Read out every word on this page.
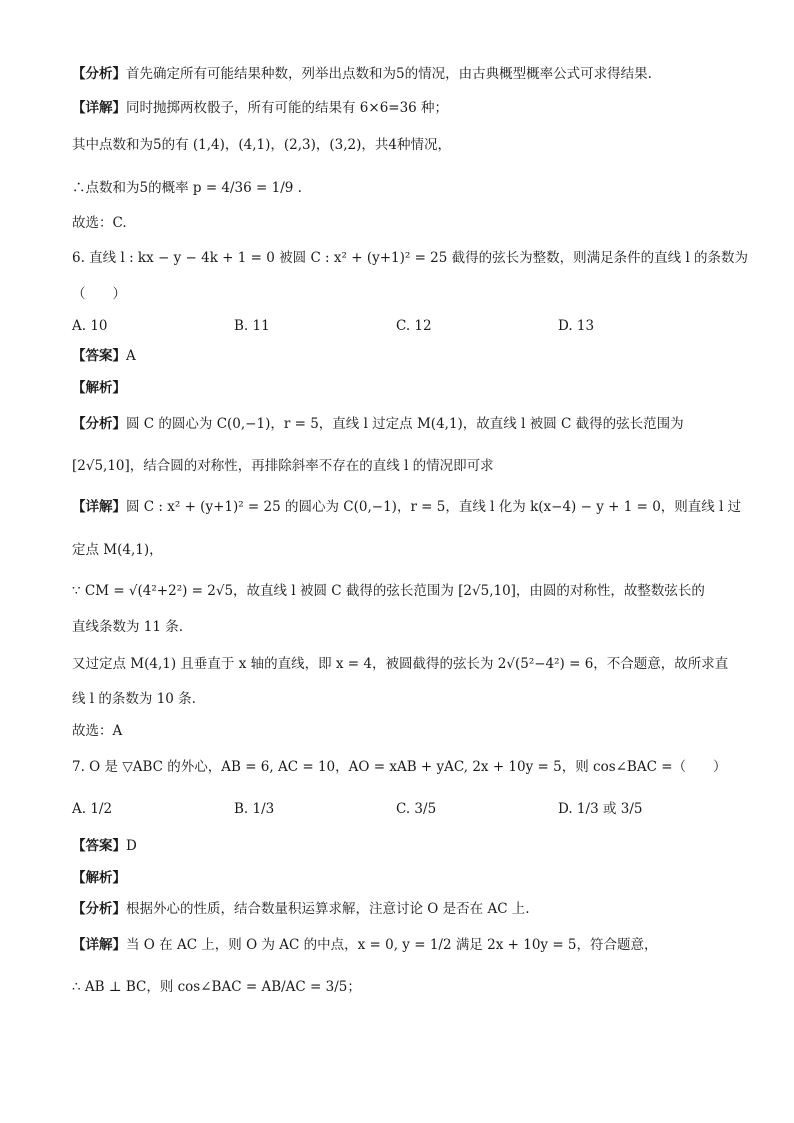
【分析】首先确定所有可能结果种数，列举出点数和为5的情况，由古典概型概率公式可求得结果.
【详解】同时抛掷两枚骰子，所有可能的结果有 6×6=36 种；
其中点数和为5的有 (1,4)，(4,1)，(2,3)，(3,2)，共4种情况，
∴点数和为5的概率 p = 4/36 = 1/9 .
故选：C.
6. 直线 l : kx − y − 4k + 1 = 0 被圆 C : x² + (y+1)² = 25 截得的弦长为整数，则满足条件的直线 l 的条数为
（　　）
A. 10	B. 11	C. 12	D. 13
【答案】A
【解析】
【分析】圆 C 的圆心为 C(0,−1)，r = 5，直线 l 过定点 M(4,1)，故直线 l 被圆 C 截得的弦长范围为
[2√5,10]，结合圆的对称性，再排除斜率不存在的直线 l 的情况即可求
【详解】圆 C : x² + (y+1)² = 25 的圆心为 C(0,−1)，r = 5，直线 l 化为 k(x−4) − y + 1 = 0，则直线 l 过
定点 M(4,1)，
∵ CM = √(4²+2²) = 2√5，故直线 l 被圆 C 截得的弦长范围为 [2√5,10]，由圆的对称性，故整数弦长的
直线条数为 11 条.
又过定点 M(4,1) 且垂直于 x 轴的直线，即 x = 4，被圆截得的弦长为 2√(5²−4²) = 6，不合题意，故所求直
线 l 的条数为 10 条.
故选：A
7. O 是 ▽ABC 的外心，AB = 6, AC = 10，AO = xAB + yAC, 2x + 10y = 5，则 cos∠BAC =（　　）
A. 1/2	B. 1/3	C. 3/5	D. 1/3 或 3/5
【答案】D
【解析】
【分析】根据外心的性质，结合数量积运算求解，注意讨论 O 是否在 AC 上.
【详解】当 O 在 AC 上，则 O 为 AC 的中点，x = 0, y = 1/2 满足 2x + 10y = 5，符合题意，
∴ AB ⊥ BC，则 cos∠BAC = AB/AC = 3/5；
